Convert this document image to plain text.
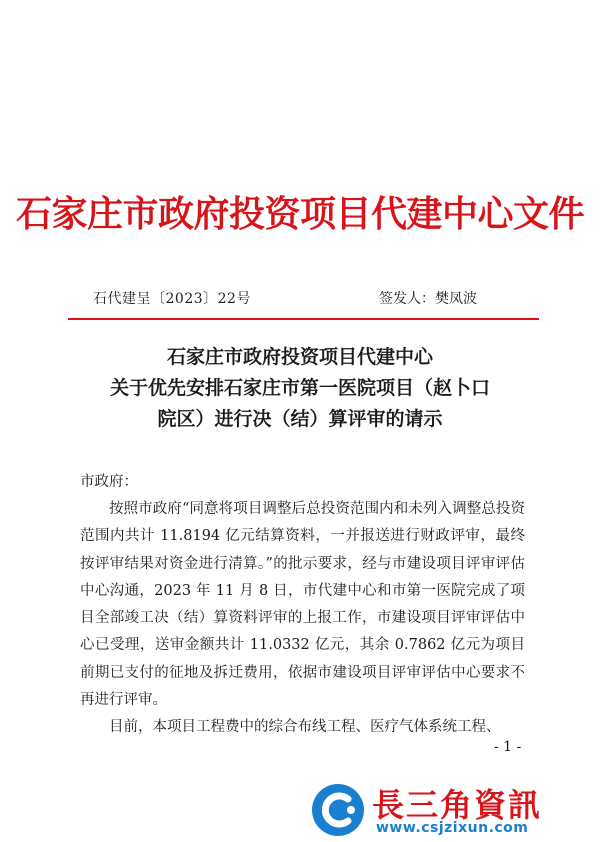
石家庄市政府投资项目代建中心文件
石代建呈〔2023〕22号	签发人：樊凤波
石家庄市政府投资项目代建中心
关于优先安排石家庄市第一医院项目（赵卜口
院区）进行决（结）算评审的请示
市政府：

按照市政府“同意将项目调整后总投资范围内和未列入调整总投资范围内共计 11.8194 亿元结算资料，一并报送进行财政评审，最终按评审结果对资金进行清算。”的批示要求，经与市建设项目评审评估中心沟通，2023 年 11 月 8 日，市代建中心和市第一医院完成了项目全部竣工决（结）算资料评审的上报工作，市建设项目评审评估中心已受理，送审金额共计 11.0332 亿元，其余 0.7862 亿元为项目前期已支付的征地及拆迁费用，依据市建设项目评审评估中心要求不再进行评审。

目前，本项目工程费中的综合布线工程、医疗气体系统工程、

- 1 -
長三角資訊
www.csjzixun.com
